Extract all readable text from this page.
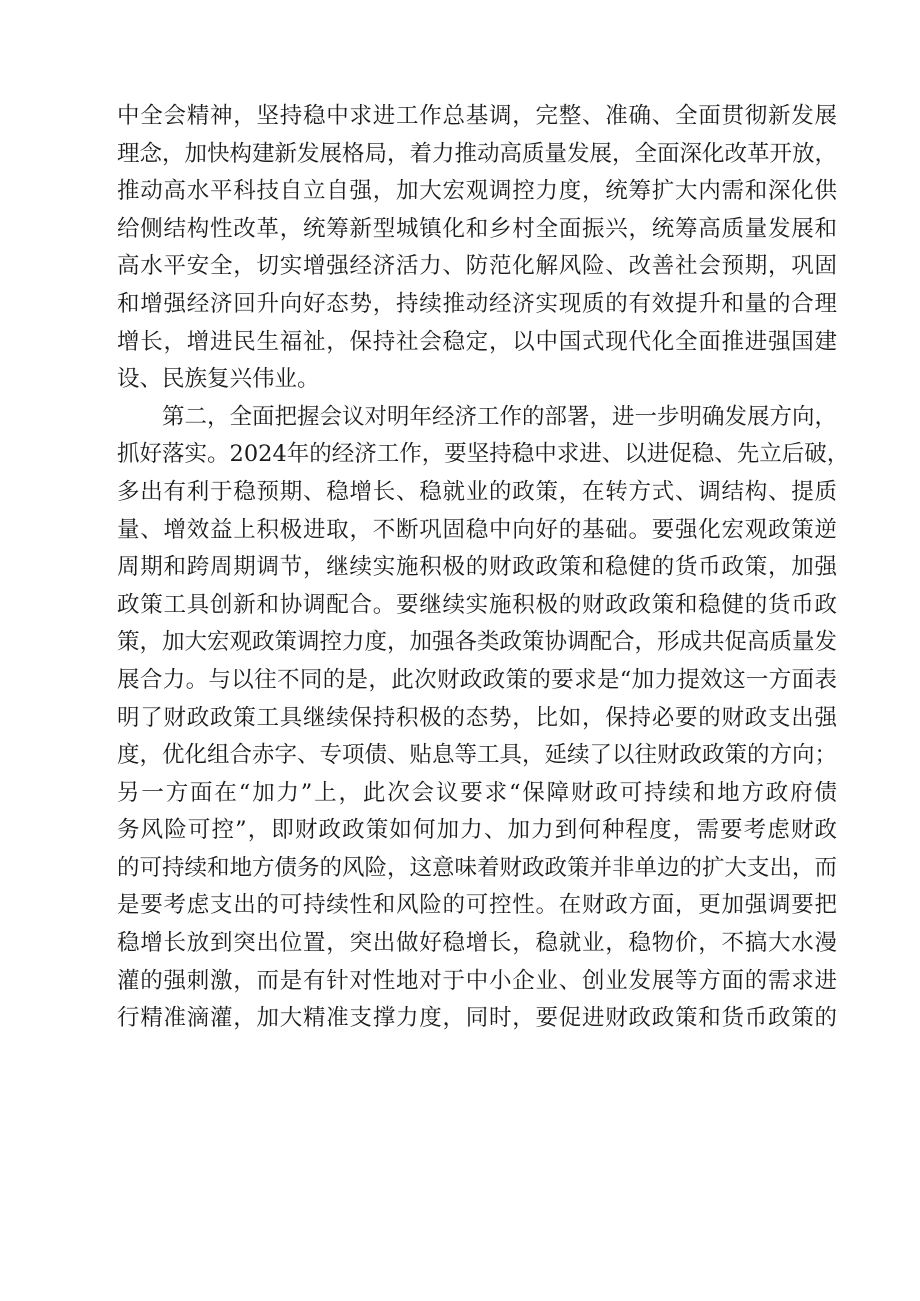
中全会精神，坚持稳中求进工作总基调，完整、准确、全面贯彻新发展
理念，加快构建新发展格局，着力推动高质量发展，全面深化改革开放，
推动高水平科技自立自强，加大宏观调控力度，统筹扩大内需和深化供
给侧结构性改革，统筹新型城镇化和乡村全面振兴，统筹高质量发展和
高水平安全，切实增强经济活力、防范化解风险、改善社会预期，巩固
和增强经济回升向好态势，持续推动经济实现质的有效提升和量的合理
增长，增进民生福祉，保持社会稳定，以中国式现代化全面推进强国建
设、民族复兴伟业。
第二，全面把握会议对明年经济工作的部署，进一步明确发展方向，
抓好落实。2024年的经济工作，要坚持稳中求进、以进促稳、先立后破，
多出有利于稳预期、稳增长、稳就业的政策，在转方式、调结构、提质
量、增效益上积极进取，不断巩固稳中向好的基础。要强化宏观政策逆
周期和跨周期调节，继续实施积极的财政政策和稳健的货币政策，加强
政策工具创新和协调配合。要继续实施积极的财政政策和稳健的货币政
策，加大宏观政策调控力度，加强各类政策协调配合，形成共促高质量发
展合力。与以往不同的是，此次财政政策的要求是“加力提效这一方面表
明了财政政策工具继续保持积极的态势，比如，保持必要的财政支出强
度，优化组合赤字、专项债、贴息等工具，延续了以往财政政策的方向；
另一方面在“加力”上，此次会议要求“保障财政可持续和地方政府债
务风险可控”，即财政政策如何加力、加力到何种程度，需要考虑财政
的可持续和地方债务的风险，这意味着财政政策并非单边的扩大支出，而
是要考虑支出的可持续性和风险的可控性。在财政方面，更加强调要把
稳增长放到突出位置，突出做好稳增长，稳就业，稳物价，不搞大水漫
灌的强刺激，而是有针对性地对于中小企业、创业发展等方面的需求进
行精准滴灌，加大精准支撑力度，同时，要促进财政政策和货币政策的
